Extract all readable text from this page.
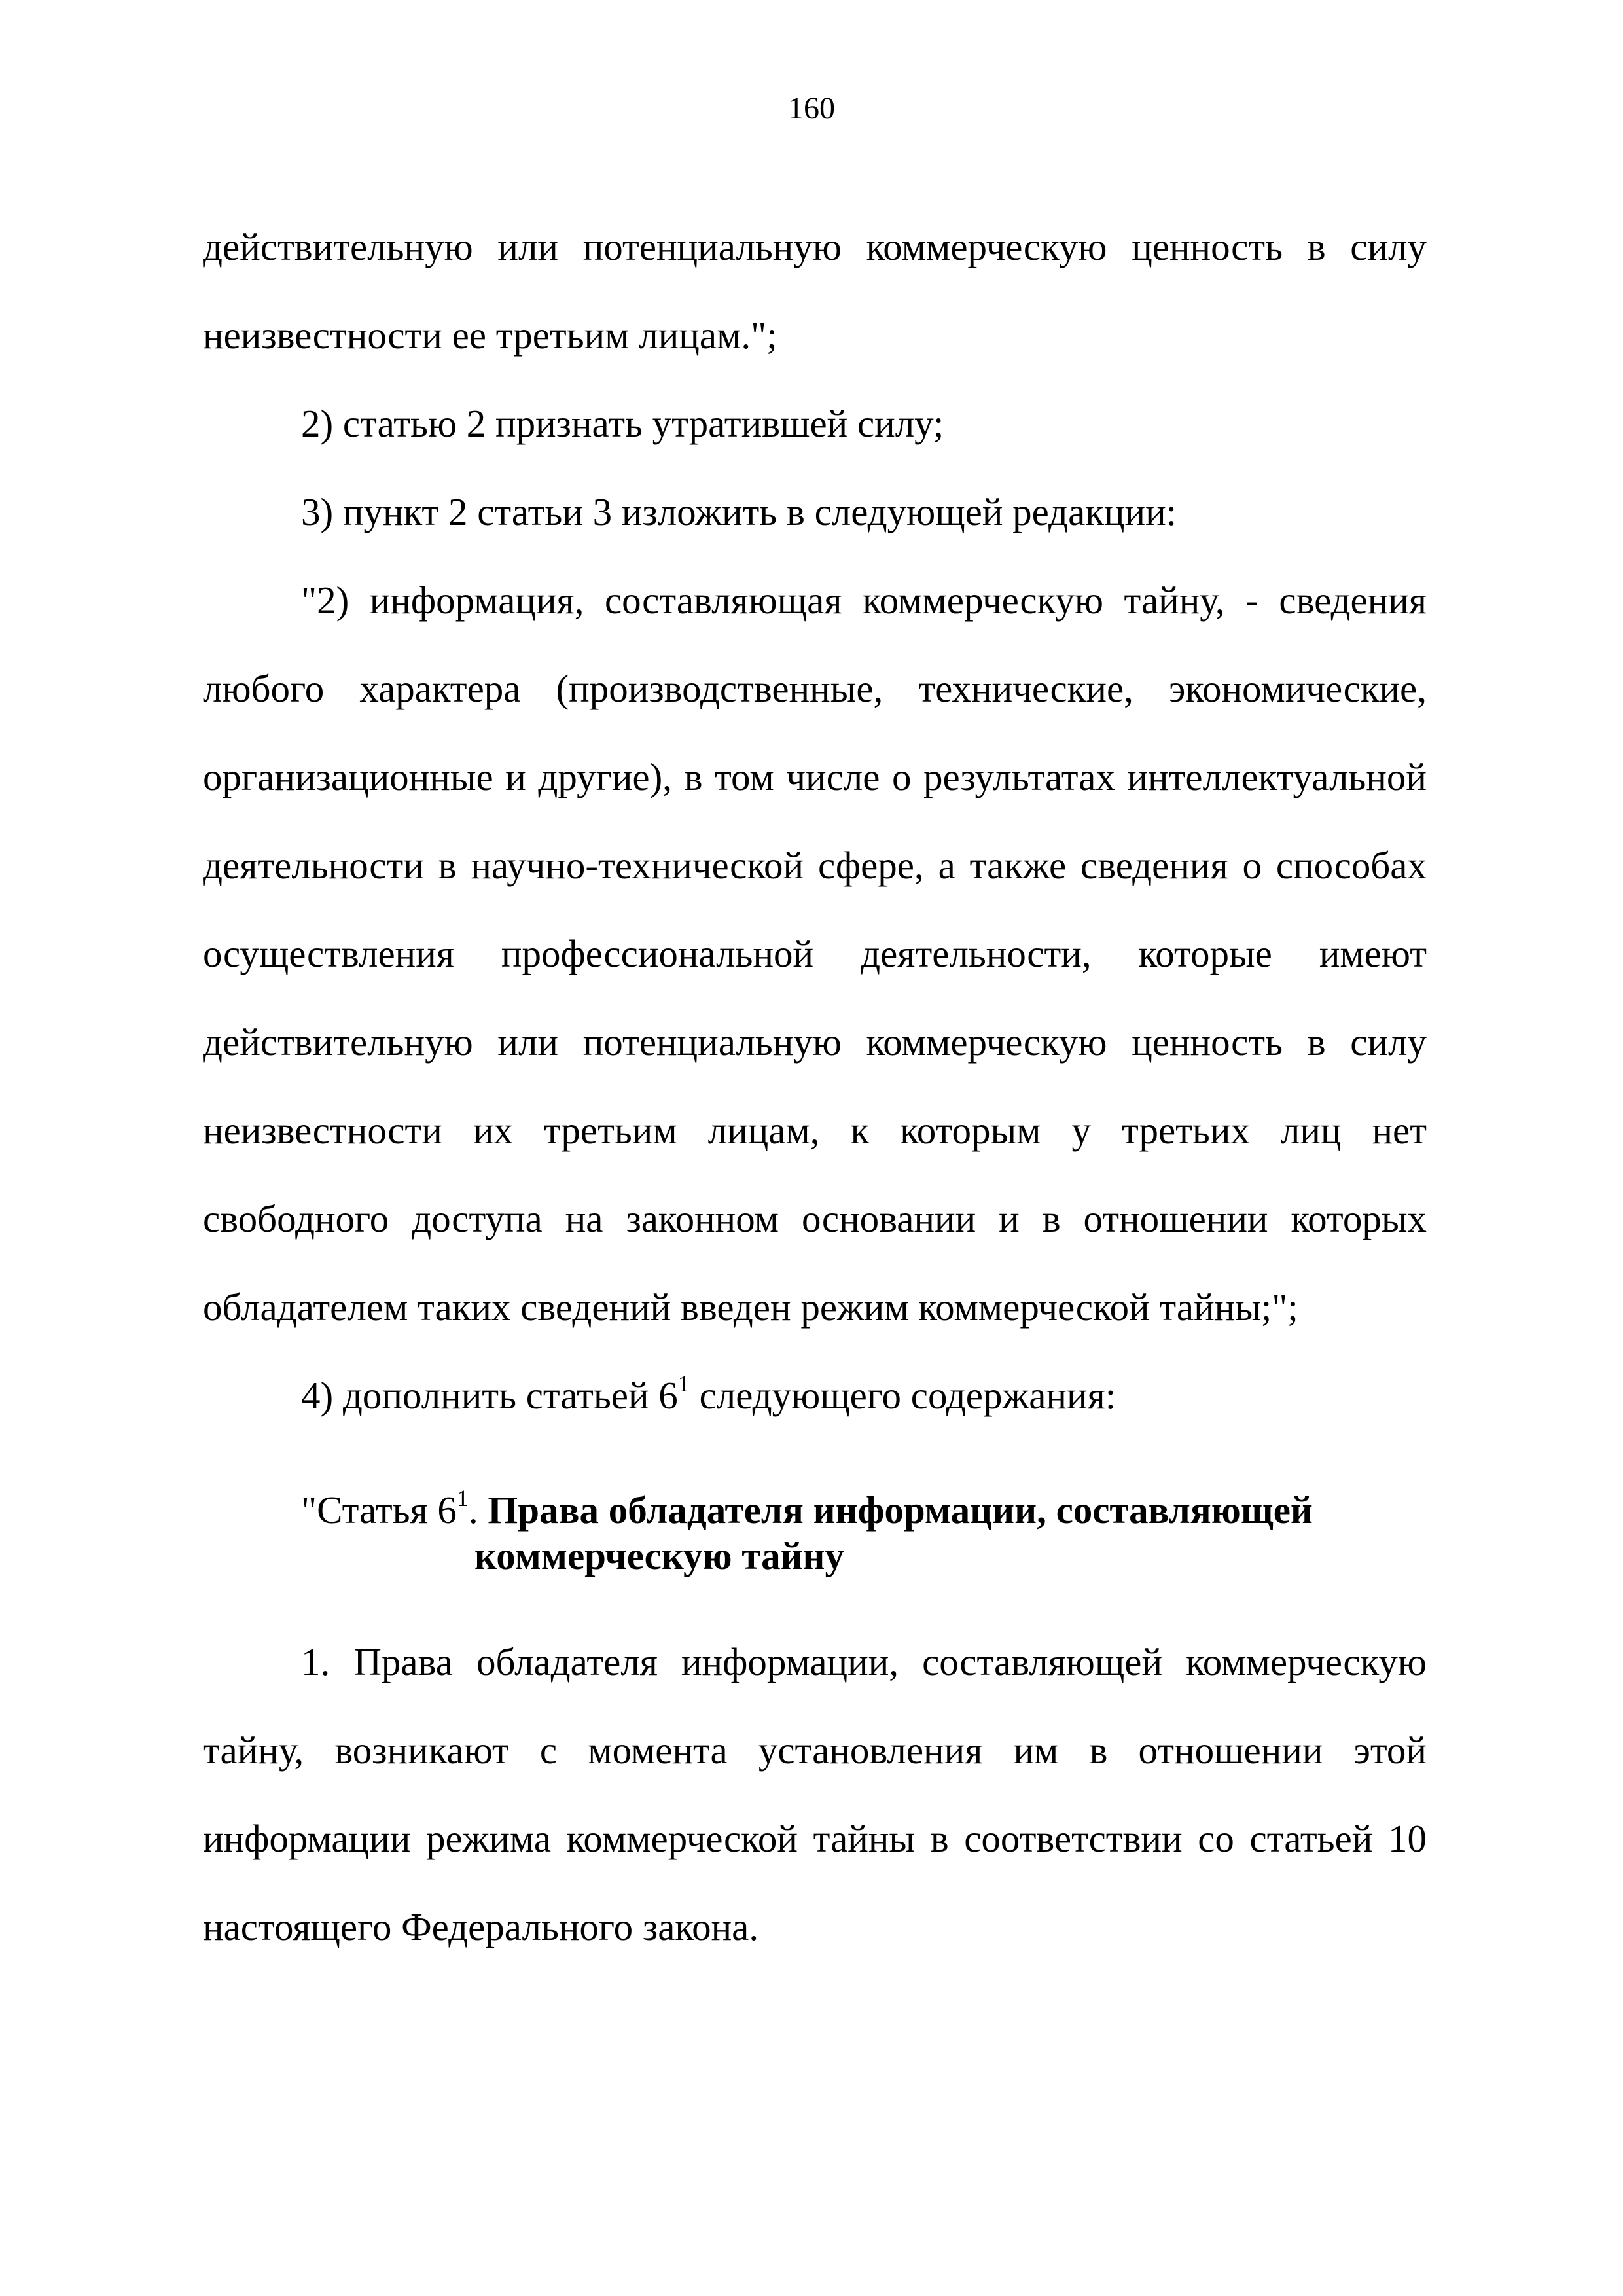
160

действительную или потенциальную коммерческую ценность в силу неизвестности ее третьим лицам.";

2) статью 2 признать утратившей силу;

3) пункт 2 статьи 3 изложить в следующей редакции:

"2) информация, составляющая коммерческую тайну, - сведения любого характера (производственные, технические, экономические, организационные и другие), в том числе о результатах интеллектуальной деятельности в научно-технической сфере, а также сведения о способах осуществления профессиональной деятельности, которые имеют действительную или потенциальную коммерческую ценность в силу неизвестности их третьим лицам, к которым у третьих лиц нет свободного доступа на законном основании и в отношении которых обладателем таких сведений введен режим коммерческой тайны;";

4) дополнить статьей $6^1$ следующего содержания:

"Статья $6^1$. Права обладателя информации, составляющей
коммерческую тайну

1. Права обладателя информации, составляющей коммерческую тайну, возникают с момента установления им в отношении этой информации режима коммерческой тайны в соответствии со статьей 10 настоящего Федерального закона.
